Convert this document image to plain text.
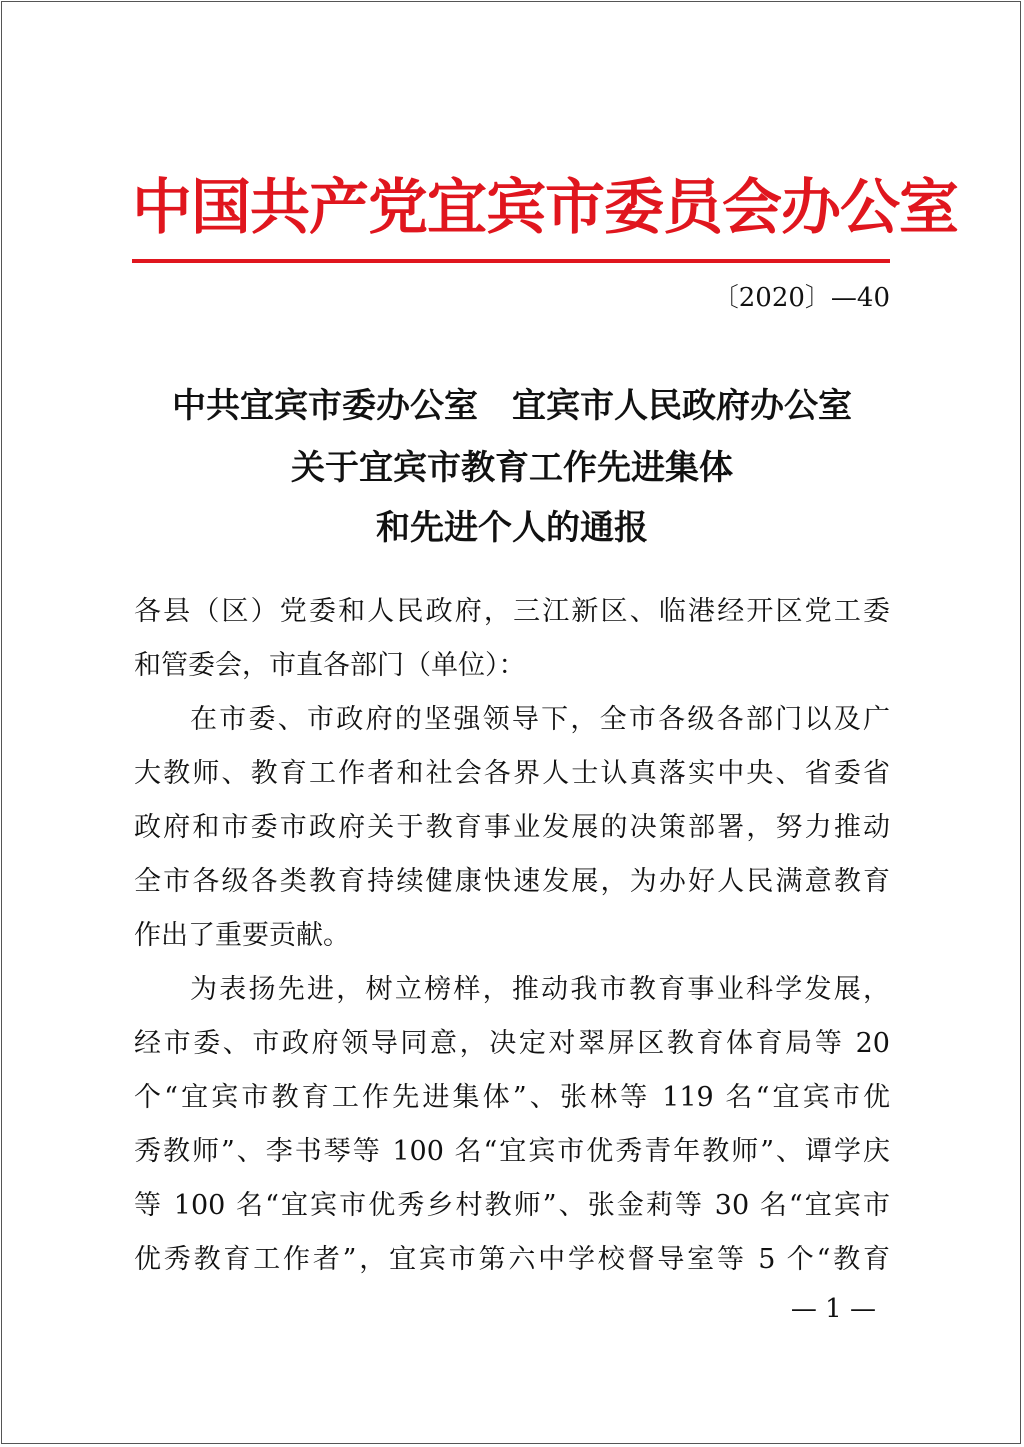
中国共产党宜宾市委员会办公室
〔2020〕—40
中共宜宾市委办公室　宜宾市人民政府办公室
关于宜宾市教育工作先进集体
和先进个人的通报
各县（区）党委和人民政府，三江新区、临港经开区党工委
和管委会，市直各部门（单位）：
在市委、市政府的坚强领导下，全市各级各部门以及广
大教师、教育工作者和社会各界人士认真落实中央、省委省
政府和市委市政府关于教育事业发展的决策部署，努力推动
全市各级各类教育持续健康快速发展，为办好人民满意教育
作出了重要贡献。
为表扬先进，树立榜样，推动我市教育事业科学发展，
经市委、市政府领导同意，决定对翠屏区教育体育局等 20
个“宜宾市教育工作先进集体”、张林等 119 名“宜宾市优
秀教师”、李书琴等 100 名“宜宾市优秀青年教师”、谭学庆
等 100 名“宜宾市优秀乡村教师”、张金莉等 30 名“宜宾市
优秀教育工作者”，宜宾市第六中学校督导室等 5 个“教育
— 1 —
